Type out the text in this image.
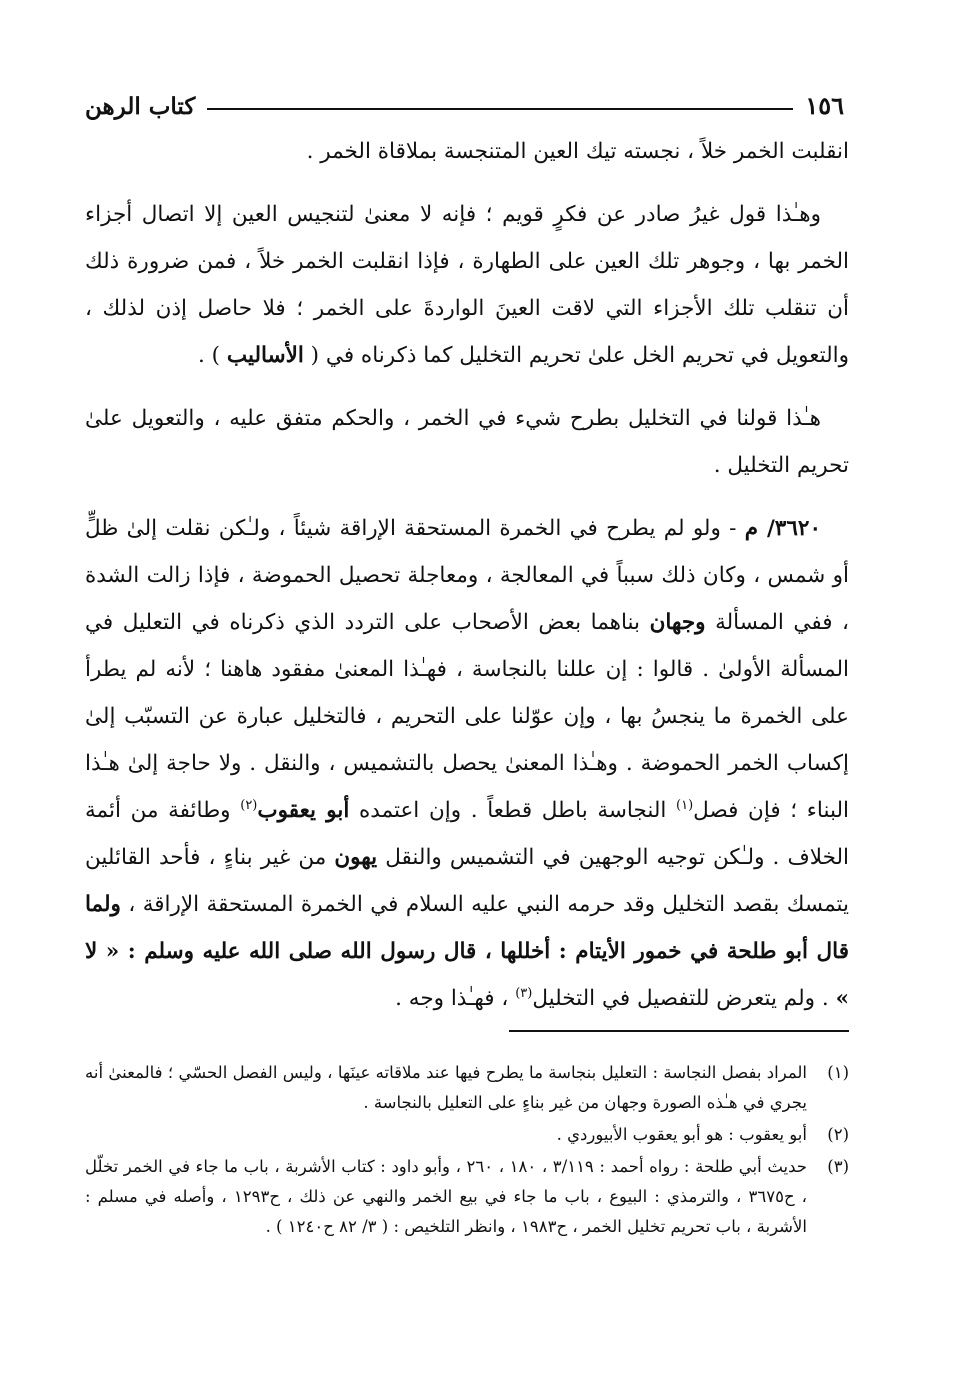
١٥٦
كتاب الرهن

انقلبت الخمر خلاً ، نجسته تيك العين المتنجسة بملاقاة الخمر .

وهـٰذا قول غيرُ صادر عن فكرٍ قويم ؛ فإنه لا معنىٰ لتنجيس العين إلا اتصال أجزاء الخمر بها ، وجوهر تلك العين على الطهارة ، فإذا انقلبت الخمر خلاً ، فمن ضرورة ذلك أن تنقلب تلك الأجزاء التي لاقت العينَ الواردةَ على الخمر ؛ فلا حاصل إذن لذلك ، والتعويل في تحريم الخل علىٰ تحريم التخليل كما ذكرناه في ( الأساليب ) .

هـٰذا قولنا في التخليل بطرح شيء في الخمر ، والحكم متفق عليه ، والتعويل علىٰ تحريم التخليل .

٣٦٢٠/ م - ولو لم يطرح في الخمرة المستحقة الإراقة شيئاً ، ولـٰكن نقلت إلىٰ ظلٍّ أو شمس ، وكان ذلك سبباً في المعالجة ، ومعاجلة تحصيل الحموضة ، فإذا زالت الشدة ، ففي المسألة وجهان بناهما بعض الأصحاب على التردد الذي ذكرناه في التعليل في المسألة الأولىٰ . قالوا : إن عللنا بالنجاسة ، فهـٰذا المعنىٰ مفقود هاهنا ؛ لأنه لم يطرأ على الخمرة ما ينجسُ بها ، وإن عوّلنا على التحريم ، فالتخليل عبارة عن التسبّب إلىٰ إكساب الخمر الحموضة . وهـٰذا المعنىٰ يحصل بالتشميس ، والنقل . ولا حاجة إلىٰ هـٰذا البناء ؛ فإن فصل$^{(١)}$ النجاسة باطل قطعاً . وإن اعتمده أبو يعقوب$^{(٢)}$ وطائفة من أئمة الخلاف . ولـٰكن توجيه الوجهين في التشميس والنقل يهون من غير بناءٍ ، فأحد القائلين يتمسك بقصد التخليل وقد حرمه النبي عليه السلام في الخمرة المستحقة الإراقة ، ولما قال أبو طلحة في خمور الأيتام : أخللها ، قال رسول الله صلى الله عليه وسلم : « لا » . ولم يتعرض للتفصيل في التخليل$^{(٣)}$ ، فهـٰذا وجه .

(١)
المراد بفصل النجاسة : التعليل بنجاسة ما يطرح فيها عند ملاقاته عينَها ، وليس الفصل الحسّي ؛ فالمعنىٰ أنه يجري في هـٰذه الصورة وجهان من غير بناءٍ على التعليل بالنجاسة .
(٢)
أبو يعقوب : هو أبو يعقوب الأبيوردي .
(٣)
حديث أبي طلحة : رواه أحمد : ٣/١١٩ ، ١٨٠ ، ٢٦٠ ، وأبو داود : كتاب الأشربة ، باب ما جاء في الخمر تخلّل ، ح٣٦٧٥ ، والترمذي : البيوع ، باب ما جاء في بيع الخمر والنهي عن ذلك ، ح١٢٩٣ ، وأصله في مسلم : الأشربة ، باب تحريم تخليل الخمر ، ح١٩٨٣ ، وانظر التلخيص : ( ٣/ ٨٢ ح١٢٤٠ ) .
